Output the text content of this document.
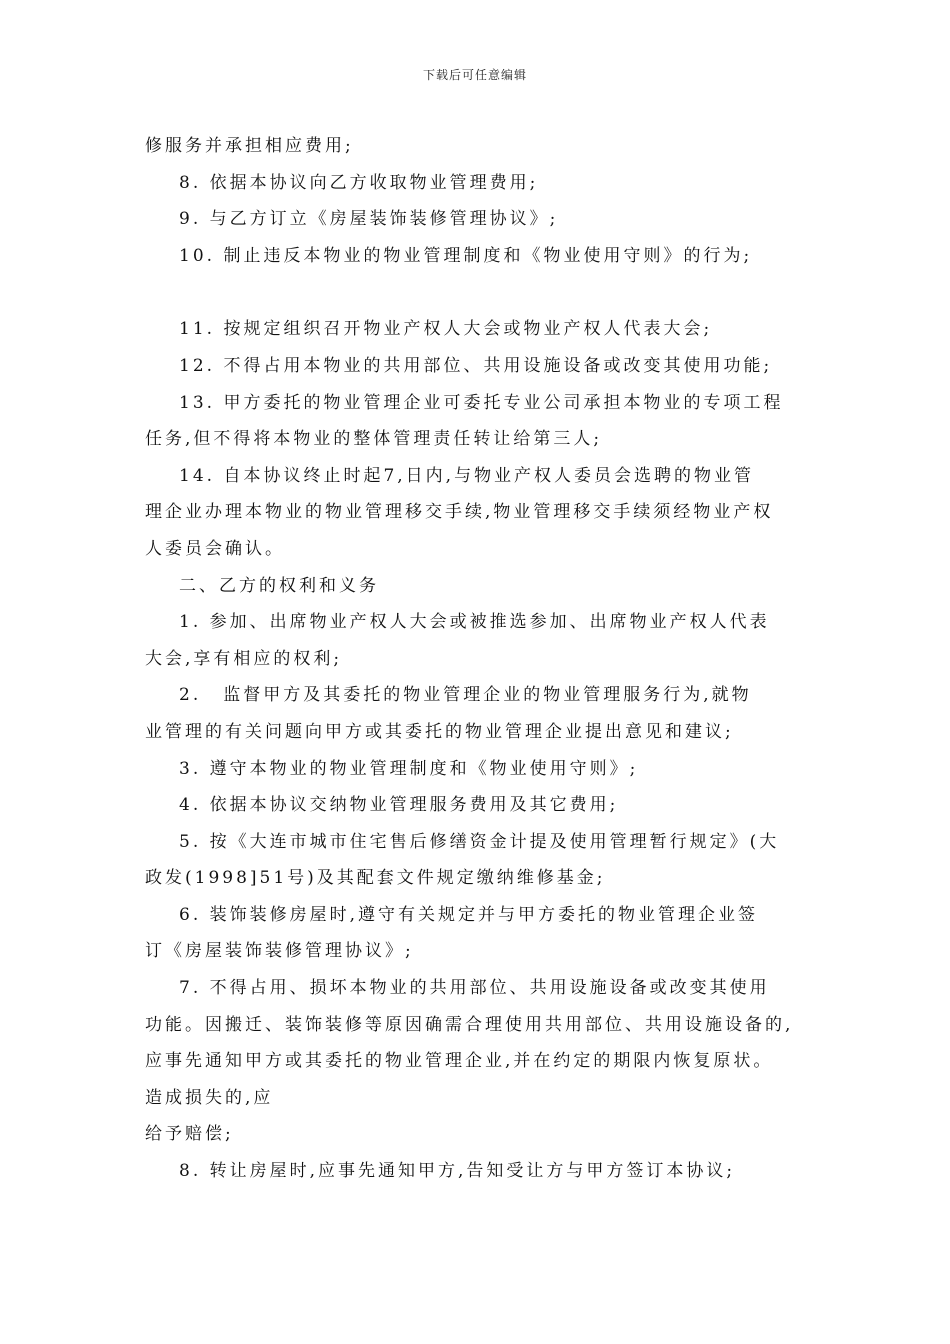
下载后可任意编辑
修服务并承担相应费用;
8. 依据本协议向乙方收取物业管理费用;
9. 与乙方订立《房屋装饰装修管理协议》;
10. 制止违反本物业的物业管理制度和《物业使用守则》的行为;
11. 按规定组织召开物业产权人大会或物业产权人代表大会;
12. 不得占用本物业的共用部位、共用设施设备或改变其使用功能;
13. 甲方委托的物业管理企业可委托专业公司承担本物业的专项工程
任务,但不得将本物业的整体管理责任转让给第三人;
14. 自本协议终止时起7,日内,与物业产权人委员会选聘的物业管
理企业办理本物业的物业管理移交手续,物业管理移交手续须经物业产权
人委员会确认。
二、乙方的权利和义务
1. 参加、出席物业产权人大会或被推选参加、出席物业产权人代表
大会,享有相应的权利;
2. 监督甲方及其委托的物业管理企业的物业管理服务行为,就物
业管理的有关问题向甲方或其委托的物业管理企业提出意见和建议;
3. 遵守本物业的物业管理制度和《物业使用守则》;
4. 依据本协议交纳物业管理服务费用及其它费用;
5. 按《大连市城市住宅售后修缮资金计提及使用管理暂行规定》(大
政发(1998]51号)及其配套文件规定缴纳维修基金;
6. 装饰装修房屋时,遵守有关规定并与甲方委托的物业管理企业签
订《房屋装饰装修管理协议》;
7. 不得占用、损坏本物业的共用部位、共用设施设备或改变其使用
功能。因搬迁、装饰装修等原因确需合理使用共用部位、共用设施设备的,
应事先通知甲方或其委托的物业管理企业,并在约定的期限内恢复原状。
造成损失的,应
给予赔偿;
8. 转让房屋时,应事先通知甲方,告知受让方与甲方签订本协议;
